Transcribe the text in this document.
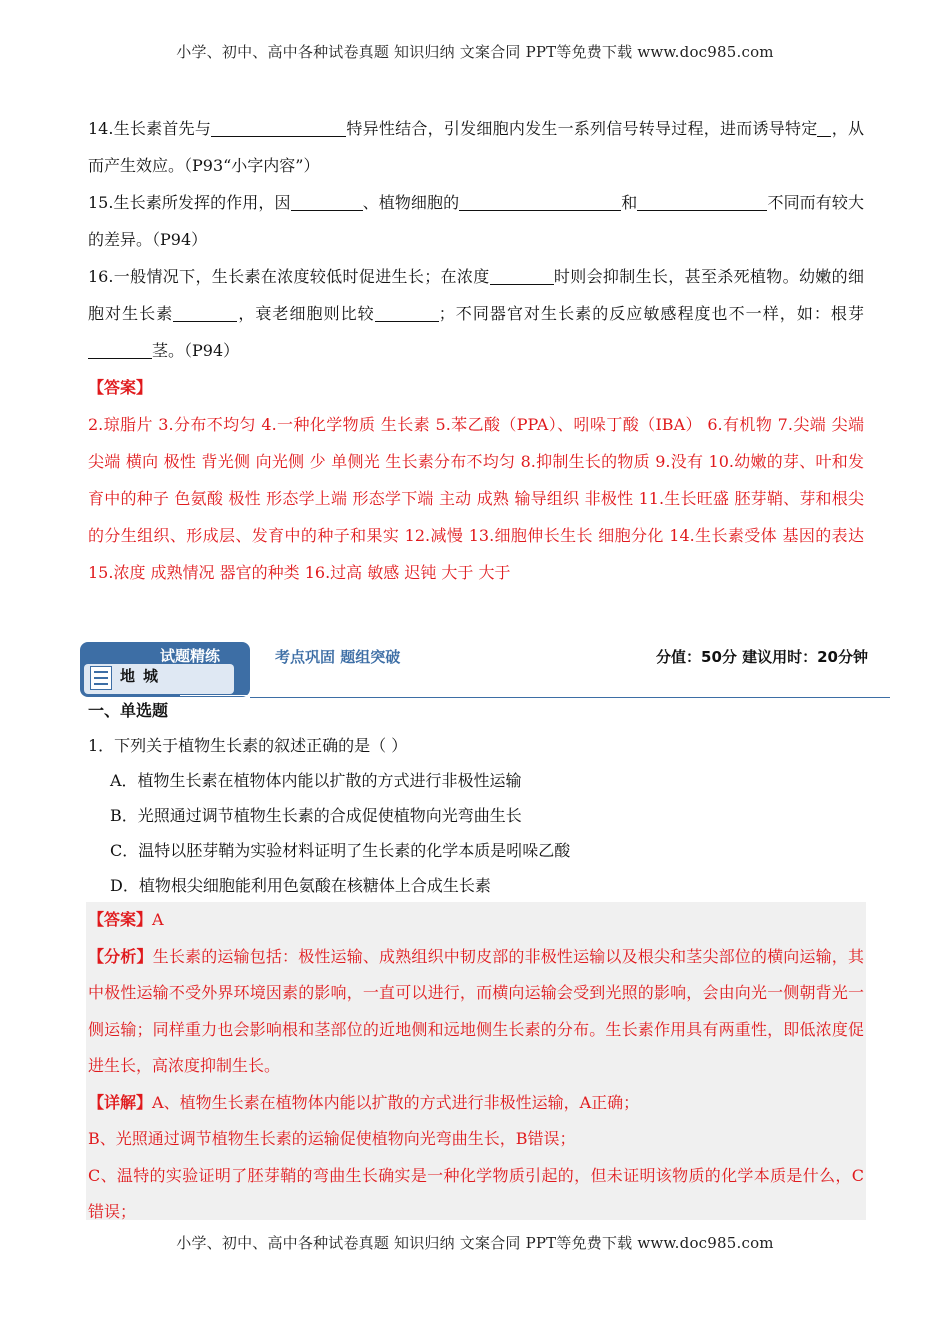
小学、初中、高中各种试卷真题 知识归纳 文案合同 PPT等免费下载 www.doc985.com

14.生长素首先与	特异性结合，引发细胞内发生一系列信号转导过程，进而诱导特定 ，从而产生效应。（P93“小字内容”）

15.生长素所发挥的作用，因	、植物细胞的	和	不同而有较大的差异。（P94）

16.一般情况下，生长素在浓度较低时促进生长；在浓度	时则会抑制生长，甚至杀死植物。幼嫩的细胞对生长素	，衰老细胞则比较	；不同器官对生长素的反应敏感程度也不一样，如：根芽茎。（P94）

【答案】

2.琼脂片 3.分布不均匀 4.一种化学物质 生长素 5.苯乙酸（PPA）、吲哚丁酸（IBA） 6.有机物 7.尖端 尖端 尖端 横向 极性 背光侧 向光侧 少 单侧光 生长素分布不均匀 8.抑制生长的物质 9.没有 10.幼嫩的芽、叶和发育中的种子 色氨酸 极性 形态学上端 形态学下端 主动 成熟 输导组织 非极性 11.生长旺盛 胚芽鞘、芽和根尖的分生组织、形成层、发育中的种子和果实 12.减慢 13.细胞伸长生长 细胞分化 14.生长素受体 基因的表达 15.浓度 成熟情况 器官的种类 16.过高 敏感 迟钝 大于 大于

试题精练
地城
考点巩固 题组突破	分值：50分 建议用时：20分钟
一、单选题

1．下列关于植物生长素的叙述正确的是（ ）

A．植物生长素在植物体内能以扩散的方式进行非极性运输

B．光照通过调节植物生长素的合成促使植物向光弯曲生长

C．温特以胚芽鞘为实验材料证明了生长素的化学本质是吲哚乙酸

D．植物根尖细胞能利用色氨酸在核糖体上合成生长素

【答案】A

【分析】生长素的运输包括：极性运输、成熟组织中韧皮部的非极性运输以及根尖和茎尖部位的横向运输，其中极性运输不受外界环境因素的影响，一直可以进行，而横向运输会受到光照的影响，会由向光一侧朝背光一侧运输；同样重力也会影响根和茎部位的近地侧和远地侧生长素的分布。生长素作用具有两重性，即低浓度促进生长，高浓度抑制生长。

【详解】A、植物生长素在植物体内能以扩散的方式进行非极性运输，A正确；

B、光照通过调节植物生长素的运输促使植物向光弯曲生长，B错误；

C、温特的实验证明了胚芽鞘的弯曲生长确实是一种化学物质引起的，但未证明该物质的化学本质是什么，C错误；

小学、初中、高中各种试卷真题 知识归纳 文案合同 PPT等免费下载 www.doc985.com
